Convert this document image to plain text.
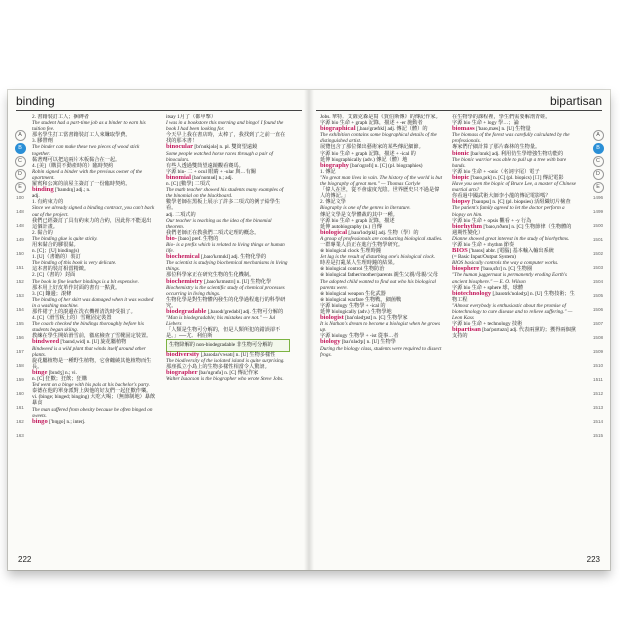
binding
A
B
C
D
E
100
148
148
149
150
151
152
153
154
155
156
157
158
159
160
161
162
163

2. 書籍裝訂工人；捆縛者

The student had a part-time job as a binder to earn his tuition fee.

那名學生打工當書籍裝訂工人來賺取學費。

3. 膠帶劑

The binder can make these two pieces of wood stick together.

黏著劑可以把這兩片木板黏合在一起。

4. [美]（購買不動產時的）臨時契約

Robin signed a binder with the previous owner of the apartment.

羅賓和公寓的前屋主簽訂了一份臨時契約。

binding ['baɪndɪŋ] adj.; n.

adj.

1. 有約束力的

Since we already signed a binding contract, you can't back out of the project.

我們已經簽訂了具有約束力的合約，因此你不能退出這個計畫。

2. 黏合的

The binding glue is quite sticky.

用來黏合的膠很黏。

n. [C]；[U] binding(s)

1. [U]（書籍的）裝訂

The binding of this book is very delicate.

這本書的裝訂相當精緻。

2. [C]（書的）封面

The book in fine leather bindings is a bit expensive.

那本用上好皮革作封面的書有一點貴。

3. [C] 鑲邊；滾條

The binding of her skirt was damaged when it was washed in a washing machine.

那件裙子上的滾邊在洗衣機裡清洗時受損了。

4. [C]（滑雪板上的）雪靴固定裝置

The coach checked the bindings thoroughly before his students began skiing.

教練在學生開始滑雪前，徹底檢查了雪靴固定裝置。

bindweed ['baɪnd,wid] n. [U] 旋花屬植物

Bindweed is a wild plant that winds itself around other plants.

旋花屬植物是一種野生植物，它會纏繞其他植物而生長。

binge [bɪndʒ] n.; vi.

n. [C] 狂歡；狂飲；狂購

Ted went on a binge with his pals at his bachelor's party.

泰德在他的單身派對上與他的好友們一起狂歡作樂。

vi. (binge; binged; binging) 大吃大喝；（無節制地）暴飲暴食

The man suffered from obesity because he often binged on sweets.

bingo ['bɪŋgo] n.; interj.

itsay 1月了（都甲擊）

I was in a bookstore this morning and bingo! I found the book I had been looking for.

今天早上我在書店時，太棒了，我找到了之前一直在找的那本書！

binocular [bɪ'nɑkjələ] n. pl. 雙筒望遠鏡

Some people watched horse races through a pair of binoculars.

有些人透過雙筒望遠鏡觀看賽馬。

字源 bin- 二 + ocul 眼睛 + -ular 與…有關

binomial [baɪ'nomɪəl] n.; adj.

n. [C] [數學] 二項式

The math teacher showed his students many examples of the binomial on the blackboard.

數學老師在黑板上展示了許多二項式的例子給學生看。

adj. 二項式的

Our teacher is teaching us the idea of the binomial theorem.

我們老師正在教我們二項式定理的概念。

bio- [baɪo] pref. 生物的

Bio- is a prefix which is related to living things or human life.

biochemical [,baɪo'kɛmɪkl] adj. 生物化學的

The scientist is studying biochemical mechanisms in living things.

那位科學家正在研究生物的生化機制。

biochemistry [,baɪo'kɛmɪstrɪ] n. [U] 生物化學

Biochemistry is the scientific study of chemical processes occurring in living things.

生物化學是對生物體內發生的化學過程進行的科學研究。

biodegradable [,baɪodɪ'gredəbl] adj. 生物可分解的

"Man is biodegradable; his mistakes are not." — Jul Liebers

「人類是生物可分解的，但是人類所犯的錯誤卻不是。」──尤．利伯斯

生物降解的 non-biodegradable 非生物可分解的

biodiversity [,baɪodaɪ'vɝsətɪ] n. [U] 生物多樣性

The biodiversity of the isolated island is quite surprising.

那座孤立小島上的生物多樣性相當令人驚訝。

biographer [baɪ'ɑgrəfə] n. [C] 傳記作家

Walter Isaacson is the biographer who wrote Steve Jobs.

222
bipartisan

Jobs. 華特．艾薩克森是寫《賈伯斯傳》的傳記作家。

字源 bio 生命 + graph 記錄，描述 + -er 施動者

biographical [,baɪə'græfɪkl] adj. 傳記（體）的

The exhibition contains some biographical details of the distinguished artist.

展覽包含了那位傑出藝術家的某些傳記細節。

字源 bio 生命 + graph 記錄，描述 + -ical 的

延伸 biographically (adv.) 傳記（體）地

biography [baɪ'ɑgrəfɪ] n. [C] (pl. biographies)

1. 傳記

"No great man lives in vain. The history of the world is but the biography of great men." — Thomas Carlyle

「偉人在世，從不會虛度光陰。世界歷史只不過是偉人的傳記。」

2. 傳記文學

Biography is one of the genres in literature.

傳記文學是文學體裁的其中一種。

字源 bio 生命 + graph 記錄，描述

延伸 autobiography (n.) 自傳

biological [,baɪə'lɑdʒɪkl] adj. 生物（學）的

A group of professionals are conducting biological studies.

一群專業人員正在進行生物學研究。

※ biological clock 生理時鐘

Jet lag is the result of disturbing one's biological clock.

時差是打亂某人生理時鐘的結果。

※ biological control 生物防治

※ biological father/mother/parents 親生父親/母親/父母

The adopted child wanted to find out who his biological parents were.

※ biological weapon 生化武器

※ biological warfare 生物戰，細菌戰

字源 biology 生物學 + -ical 的

延伸 biologically (adv.) 生物學地

biologist [baɪ'ɑlədʒɪst] n. [C] 生物學家

It is Nathan's dream to become a biologist when he grows up.

字源 biology 生物學 + -ist 從事…者

biology [baɪ'ɑlədʒɪ] n. [U] 生物學

During the biology class, students were required to dissect frogs.

在生物學的課程裡，學生們需要解剖青蛙。

字源 bio 生命 + logy 學…；論

biomass ['baɪo,mæs] n. [U] 生物量

The biomass of the forest was carefully calculated by the professionals.

專家們仔細計算了那片森林的生物量。

bionic [baɪ'ɑnɪk] adj. 利用仿生學增強生物功能的

The bionic warrior was able to pull up a tree with bare hands.

字源 bio 生命 + -onic（名詞字尾）電子

biopic ['baɪo,pɪk] n. [C] (pl. biopics) [口] 傳記電影

Have you seen the biopic of Bruce Lee, a master of Chinese martial arts?

你看過中國武術大師李小龍的傳記電影嗎？

biopsy ['baɪɑpsɪ] n. [C] (pl. biopsies) 活組織切片檢查

The patient's family agreed to let the doctor perform a biopsy on him.

字源 bio 生命 + opsis 觀看 + -y 行為

biorhythm ['baɪo,rɪðəm] n. [C] 生物節律（生物體的週期性變化）

Dianne showed great interest in the study of biorhythms.

字源 bio 生命 + rhythm 節奏

BIOS ['baɪɑs] abbr. [電腦] 基本輸入輸出系統

(= Basic Input/Output System)

BIOS basically controls the way a computer works.

biosphere ['baɪə,sfɪr] n. [C] 生物圈

"The human juggernaut is permanently eroding Earth's ancient biosphere." — E. O. Wilson

字源 bio 生命 + sphere 球，球體

biotechnology [,baɪotɛk'nɑlədʒɪ] n. [U] 生物技術；生物工程

"Almost everybody is enthusiastic about the promise of biotechnology to cure disease and to relieve suffering." — Leon Kass

字源 bio 生命 + technology 技術

bipartisan [baɪ'pɑrtəzn] adj. 代表兩黨的；獲得兩個黨支持的

A
B
C
D
E
1496
1499
1500
1501
1502
1503
1504
1505
1506
1507
1508
1509
1510
1511
1512
1513
1514
1515
223
